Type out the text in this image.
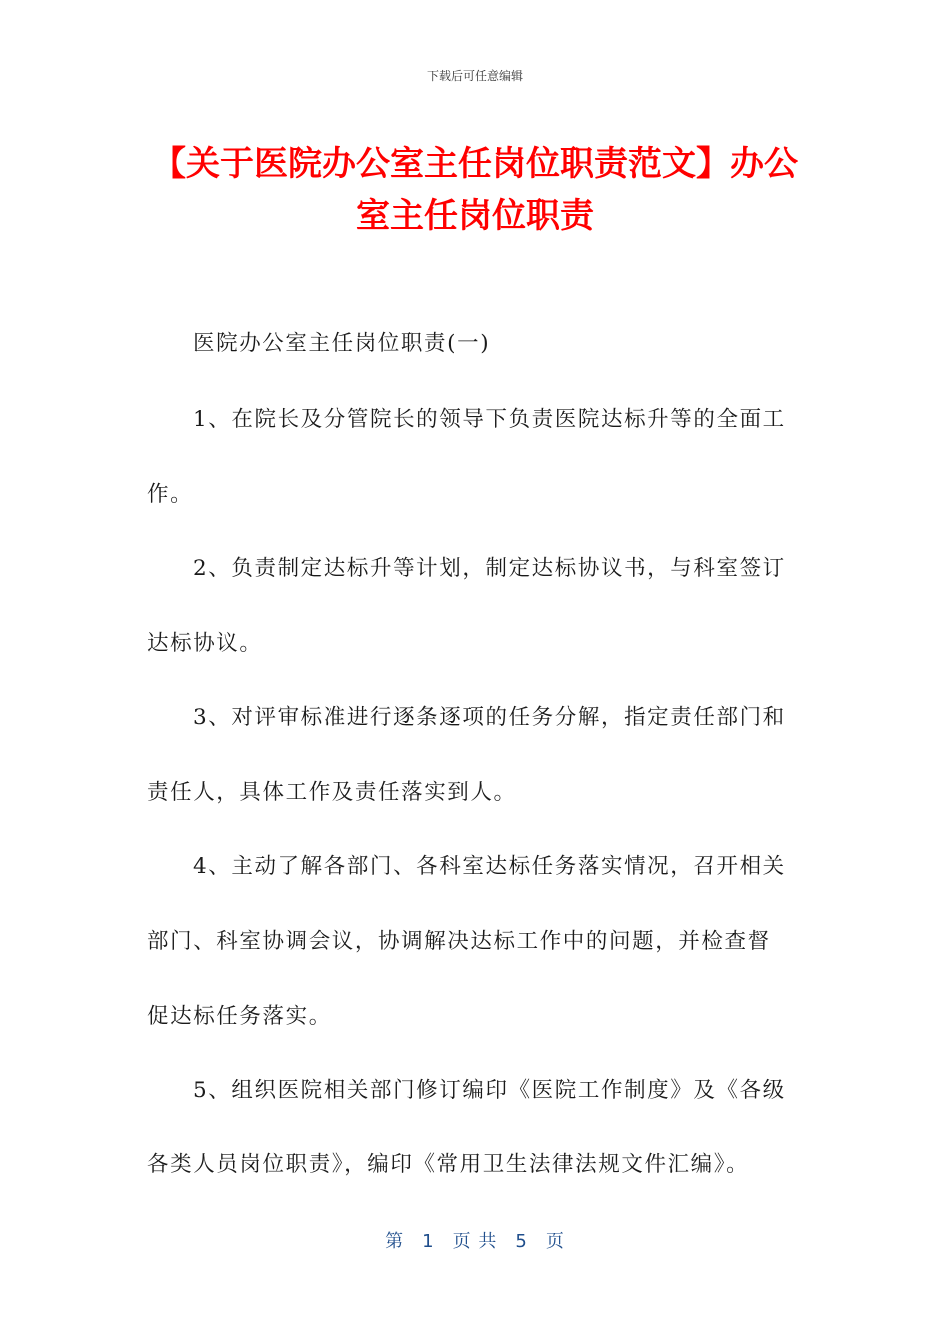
下载后可任意编辑
【关于医院办公室主任岗位职责范文】办公室主任岗位职责
医院办公室主任岗位职责(一)
1、在院长及分管院长的领导下负责医院达标升等的全面工
作。
2、负责制定达标升等计划，制定达标协议书，与科室签订
达标协议。
3、对评审标准进行逐条逐项的任务分解，指定责任部门和
责任人，具体工作及责任落实到人。
4、主动了解各部门、各科室达标任务落实情况，召开相关
部门、科室协调会议，协调解决达标工作中的问题，并检查督
促达标任务落实。
5、组织医院相关部门修订编印《医院工作制度》及《各级
各类人员岗位职责》，编印《常用卫生法律法规文件汇编》。
第 1 页 共 5 页
